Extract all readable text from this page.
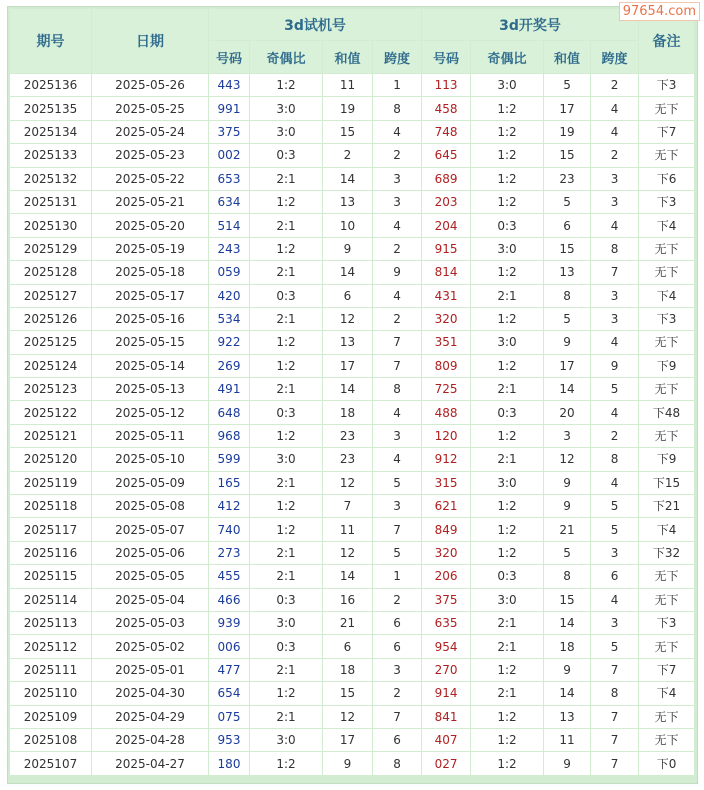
期号	日期	3d试机号				3d开奖号				备注
		号码	奇偶比	和值	跨度	号码	奇偶比	和值	跨度	
2025136	2025-05-26	443	1:2	11	1	113	3:0	5	2	下3
2025135	2025-05-25	991	3:0	19	8	458	1:2	17	4	无下
2025134	2025-05-24	375	3:0	15	4	748	1:2	19	4	下7
2025133	2025-05-23	002	0:3	2	2	645	1:2	15	2	无下
2025132	2025-05-22	653	2:1	14	3	689	1:2	23	3	下6
2025131	2025-05-21	634	1:2	13	3	203	1:2	5	3	下3
2025130	2025-05-20	514	2:1	10	4	204	0:3	6	4	下4
2025129	2025-05-19	243	1:2	9	2	915	3:0	15	8	无下
2025128	2025-05-18	059	2:1	14	9	814	1:2	13	7	无下
2025127	2025-05-17	420	0:3	6	4	431	2:1	8	3	下4
2025126	2025-05-16	534	2:1	12	2	320	1:2	5	3	下3
2025125	2025-05-15	922	1:2	13	7	351	3:0	9	4	无下
2025124	2025-05-14	269	1:2	17	7	809	1:2	17	9	下9
2025123	2025-05-13	491	2:1	14	8	725	2:1	14	5	无下
2025122	2025-05-12	648	0:3	18	4	488	0:3	20	4	下48
2025121	2025-05-11	968	1:2	23	3	120	1:2	3	2	无下
2025120	2025-05-10	599	3:0	23	4	912	2:1	12	8	下9
2025119	2025-05-09	165	2:1	12	5	315	3:0	9	4	下15
2025118	2025-05-08	412	1:2	7	3	621	1:2	9	5	下21
2025117	2025-05-07	740	1:2	11	7	849	1:2	21	5	下4
2025116	2025-05-06	273	2:1	12	5	320	1:2	5	3	下32
2025115	2025-05-05	455	2:1	14	1	206	0:3	8	6	无下
2025114	2025-05-04	466	0:3	16	2	375	3:0	15	4	无下
2025113	2025-05-03	939	3:0	21	6	635	2:1	14	3	下3
2025112	2025-05-02	006	0:3	6	6	954	2:1	18	5	无下
2025111	2025-05-01	477	2:1	18	3	270	1:2	9	7	下7
2025110	2025-04-30	654	1:2	15	2	914	2:1	14	8	下4
2025109	2025-04-29	075	2:1	12	7	841	1:2	13	7	无下
2025108	2025-04-28	953	3:0	17	6	407	1:2	11	7	无下
2025107	2025-04-27	180	1:2	9	8	027	1:2	9	7	下0
97654.com
